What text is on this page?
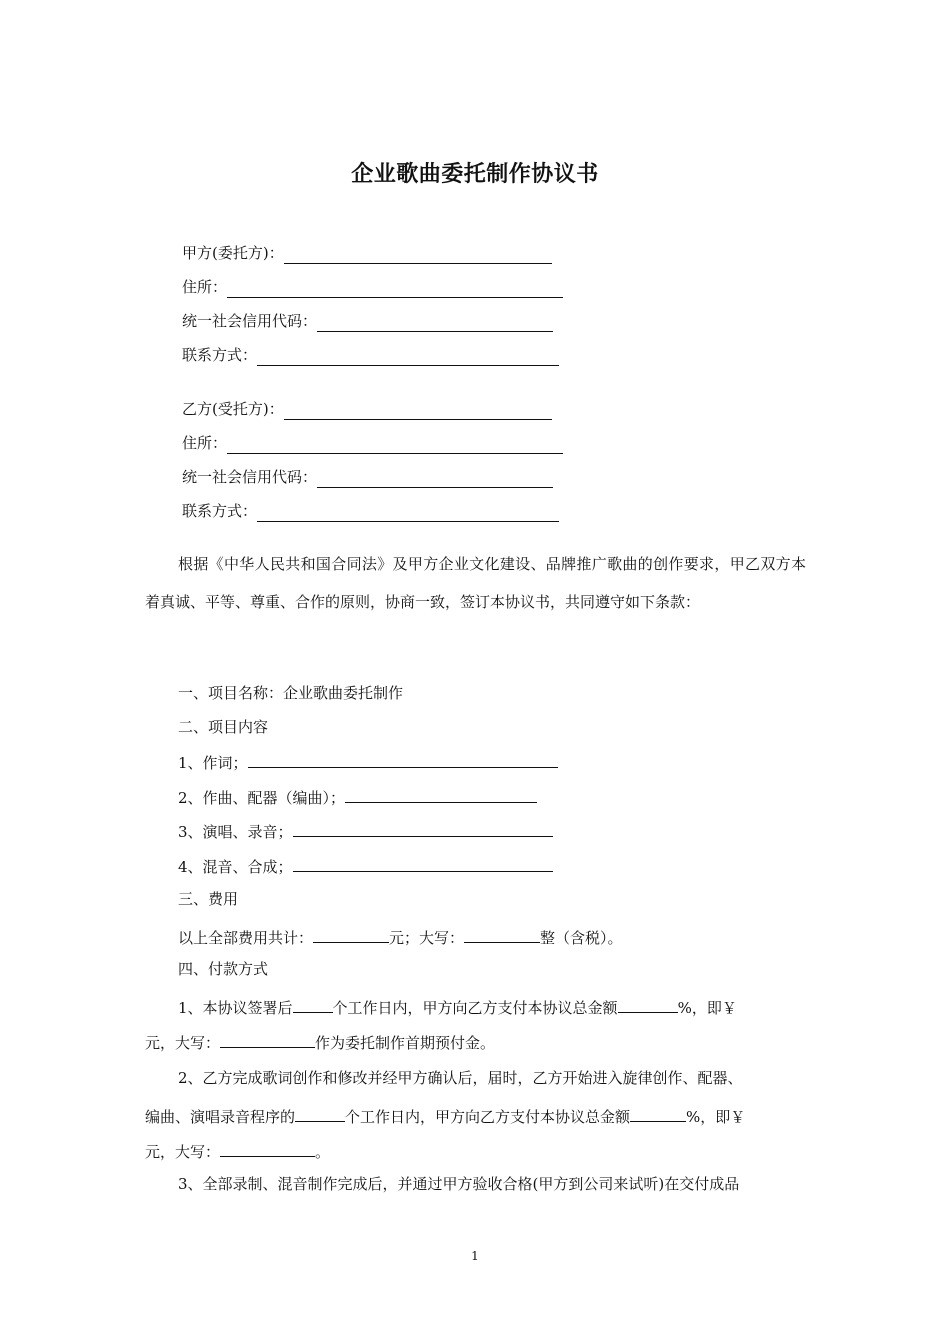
企业歌曲委托制作协议书
甲方(委托方)：
住所：
统一社会信用代码：
联系方式：
乙方(受托方)：
住所：
统一社会信用代码：
联系方式：

根据《中华人民共和国合同法》及甲方企业文化建设、品牌推广歌曲的创作要求，甲乙双方本着真诚、平等、尊重、合作的原则，协商一致，签订本协议书，共同遵守如下条款：

一、项目名称：企业歌曲委托制作
二、项目内容
1、作词；
2、作曲、配器（编曲）；
3、演唱、录音；
4、混音、合成；
三、费用
以上全部费用共计：	元；大写：	整（含税）。
四、付款方式
1、本协议签署后	个工作日内，甲方向乙方支付本协议总金额	%，即￥
元，大写：	作为委托制作首期预付金。
2、乙方完成歌词创作和修改并经甲方确认后，届时，乙方开始进入旋律创作、配器、
编曲、演唱录音程序的	个工作日内，甲方向乙方支付本协议总金额	%，即￥
元，大写：	。
3、全部录制、混音制作完成后，并通过甲方验收合格(甲方到公司来试听)在交付成品
1
